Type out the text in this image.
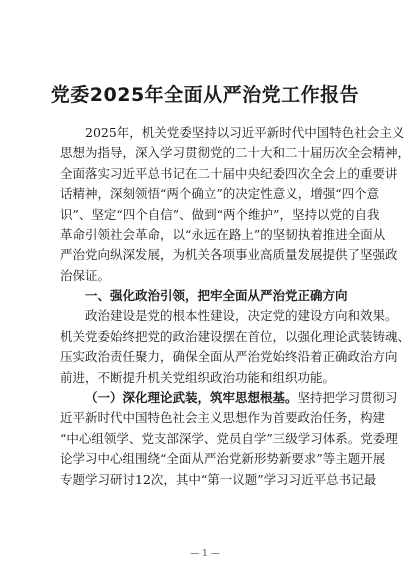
党委2025年全面从严治党工作报告
2025年，机关党委坚持以习近平新时代中国特色社会主义
思想为指导，深入学习贯彻党的二十大和二十届历次全会精神，
全面落实习近平总书记在二十届中央纪委四次全会上的重要讲
话精神，深刻领悟“两个确立”的决定性意义，增强“四个意
识”、坚定“四个自信”、做到“两个维护”，坚持以党的自我
革命引领社会革命，以“永远在路上”的坚韧执着推进全面从
严治党向纵深发展，为机关各项事业高质量发展提供了坚强政
治保证。
一、强化政治引领，把牢全面从严治党正确方向
政治建设是党的根本性建设，决定党的建设方向和效果。
机关党委始终把党的政治建设摆在首位，以强化理论武装铸魂、
压实政治责任聚力，确保全面从严治党始终沿着正确政治方向
前进，不断提升机关党组织政治功能和组织功能。
（一）深化理论武装，筑牢思想根基。坚持把学习贯彻习
近平新时代中国特色社会主义思想作为首要政治任务，构建
“中心组领学、党支部深学、党员自学”三级学习体系。党委理
论学习中心组围绕“全面从严治党新形势新要求”等主题开展
专题学习研讨12次，其中“第一议题”学习习近平总书记最
— 1 —
